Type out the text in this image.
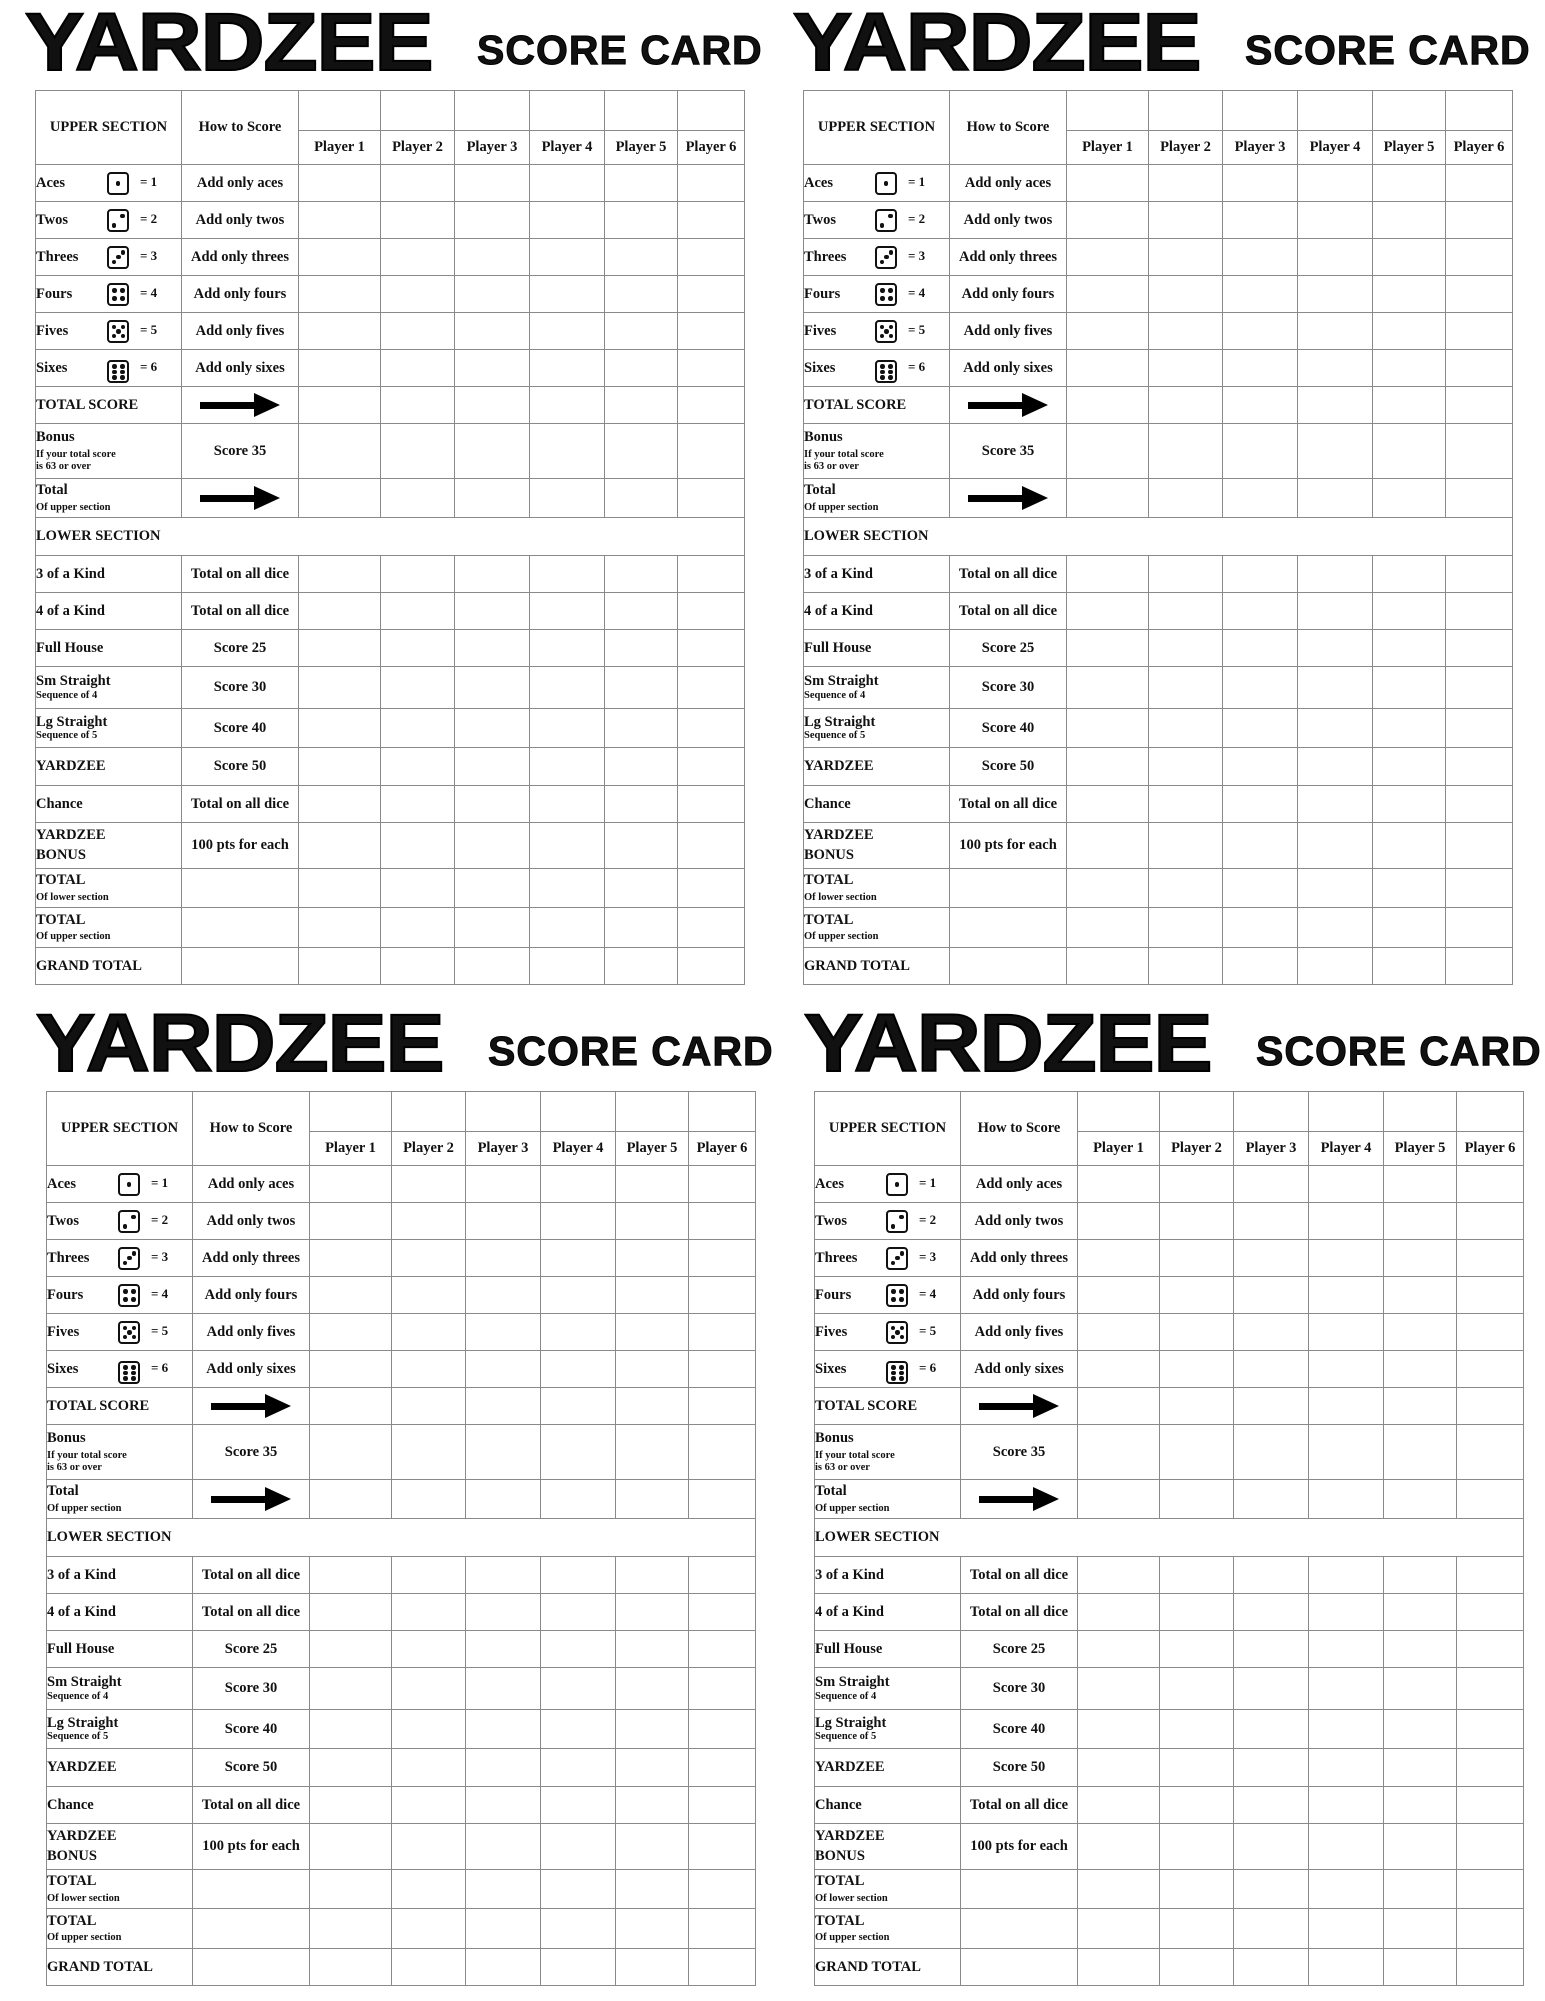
YARDZEE SCORE CARD
UPPER SECTION	How to Score						
		Player 1	Player 2	Player 3	Player 4	Player 5	Player 6
Aces = 1	Add only aces						
Twos = 2	Add only twos						
Threes = 3	Add only threes						
Fours = 4	Add only fours						
Fives = 5	Add only fives						
Sixes = 6	Add only sixes						
TOTAL SCORE							
Bonus
If your total score
is 63 or over	Score 35						
Total
Of upper section							

LOWER SECTION							
3 of a Kind	Total on all dice						
4 of a Kind	Total on all dice						
Full House	Score 25						
Sm Straight
Sequence of 4	Score 30						
Lg Straight
Sequence of 5	Score 40						
YARDZEE	Score 50						
Chance	Total on all dice						

YARDZEE
BONUS	100 pts for each						
TOTAL
Of lower section							

TOTAL
Of upper section							

GRAND TOTAL							
YARDZEE SCORE CARD
UPPER SECTION	How to Score						
		Player 1	Player 2	Player 3	Player 4	Player 5	Player 6
Aces = 1	Add only aces						
Twos = 2	Add only twos						
Threes = 3	Add only threes						
Fours = 4	Add only fours						
Fives = 5	Add only fives						
Sixes = 6	Add only sixes						
TOTAL SCORE							
Bonus
If your total score
is 63 or over	Score 35						
Total
Of upper section							

LOWER SECTION							
3 of a Kind	Total on all dice						
4 of a Kind	Total on all dice						
Full House	Score 25						
Sm Straight
Sequence of 4	Score 30						
Lg Straight
Sequence of 5	Score 40						
YARDZEE	Score 50						
Chance	Total on all dice						

YARDZEE
BONUS	100 pts for each						
TOTAL
Of lower section							

TOTAL
Of upper section							

GRAND TOTAL							
YARDZEE SCORE CARD
UPPER SECTION	How to Score						
		Player 1	Player 2	Player 3	Player 4	Player 5	Player 6
Aces = 1	Add only aces						
Twos = 2	Add only twos						
Threes = 3	Add only threes						
Fours = 4	Add only fours						
Fives = 5	Add only fives						
Sixes = 6	Add only sixes						
TOTAL SCORE							
Bonus
If your total score
is 63 or over	Score 35						
Total
Of upper section							

LOWER SECTION							
3 of a Kind	Total on all dice						
4 of a Kind	Total on all dice						
Full House	Score 25						
Sm Straight
Sequence of 4	Score 30						
Lg Straight
Sequence of 5	Score 40						
YARDZEE	Score 50						
Chance	Total on all dice						

YARDZEE
BONUS	100 pts for each						
TOTAL
Of lower section							

TOTAL
Of upper section							

GRAND TOTAL							
YARDZEE SCORE CARD
UPPER SECTION	How to Score						
		Player 1	Player 2	Player 3	Player 4	Player 5	Player 6
Aces = 1	Add only aces						
Twos = 2	Add only twos						
Threes = 3	Add only threes						
Fours = 4	Add only fours						
Fives = 5	Add only fives						
Sixes = 6	Add only sixes						
TOTAL SCORE							
Bonus
If your total score
is 63 or over	Score 35						
Total
Of upper section							

LOWER SECTION							
3 of a Kind	Total on all dice						
4 of a Kind	Total on all dice						
Full House	Score 25						
Sm Straight
Sequence of 4	Score 30						
Lg Straight
Sequence of 5	Score 40						
YARDZEE	Score 50						
Chance	Total on all dice						

YARDZEE
BONUS	100 pts for each						
TOTAL
Of lower section							

TOTAL
Of upper section							

GRAND TOTAL							
